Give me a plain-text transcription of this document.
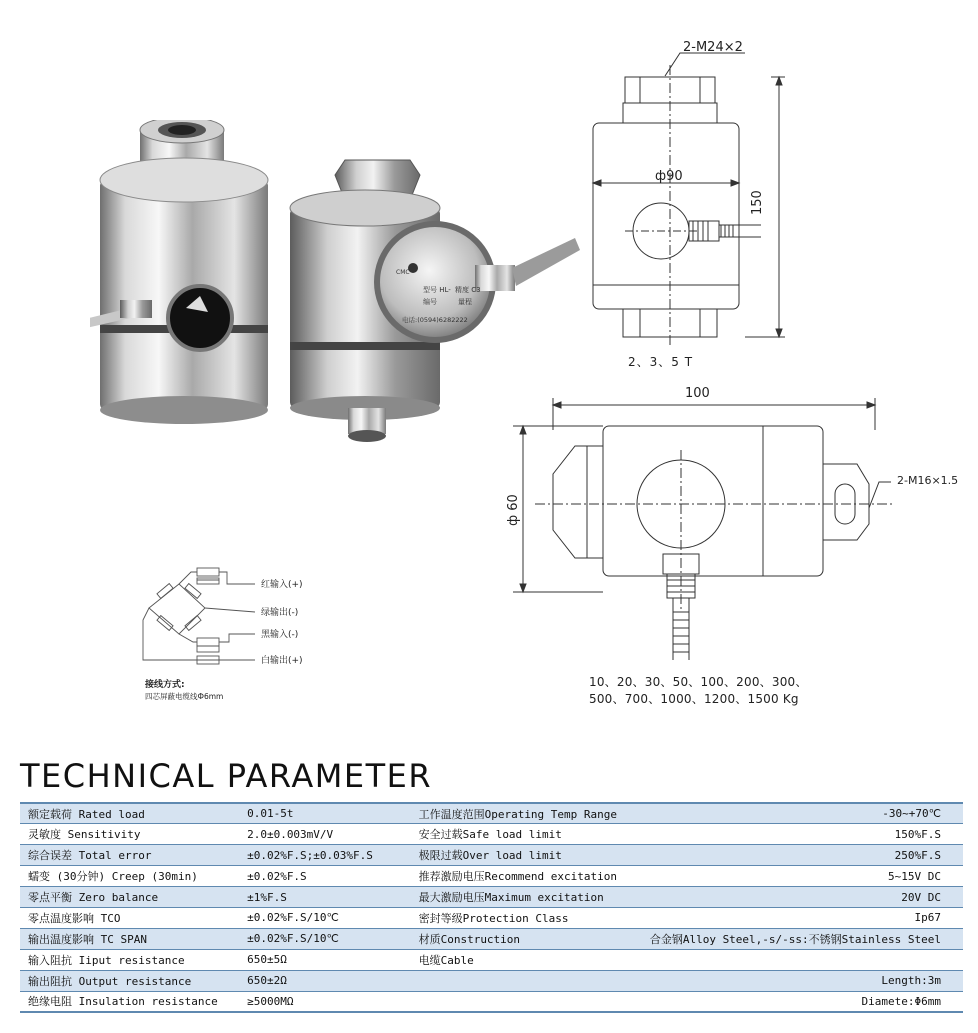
型号 HL- 精度 C3
编号	量程
电话:(0594)6282222
CMC
2-M24×2
ф90
150
2、3、5 T
100
ф 60
2-M16×1.5
10、20、30、50、100、200、300、
500、700、1000、1200、1500 Kg
红输入(+)
绿输出(-)
黑输入(-)
白输出(+)
接线方式:
四芯屏蔽电缆线Ф6mm
TECHNICAL PARAMETER
额定载荷 Rated load	0.01-5t	工作温度范围Operating Temp Range	-30~+70℃
灵敏度 Sensitivity	2.0±0.003mV/V	安全过载Safe load limit	150%F.S
综合误差 Total error	±0.02%F.S;±0.03%F.S	极限过载Over load limit	250%F.S
蠕变 (30分钟) Creep (30min)	±0.02%F.S	推荐激励电压Recommend excitation	5~15V DC
零点平衡 Zero balance	±1%F.S	最大激励电压Maximum excitation	20V DC
零点温度影响 TCO	±0.02%F.S/10℃	密封等级Protection Class	Ip67
输出温度影响 TC SPAN	±0.02%F.S/10℃	材质Construction	合金钢Alloy Steel,-s/-ss:不锈钢Stainless Steel
输入阻抗 Iiput resistance	650±5Ω	电缆Cable	
输出阻抗 Output resistance	650±2Ω		Length:3m
绝缘电阻 Insulation resistance	≥5000MΩ		Diamete:Φ6mm
